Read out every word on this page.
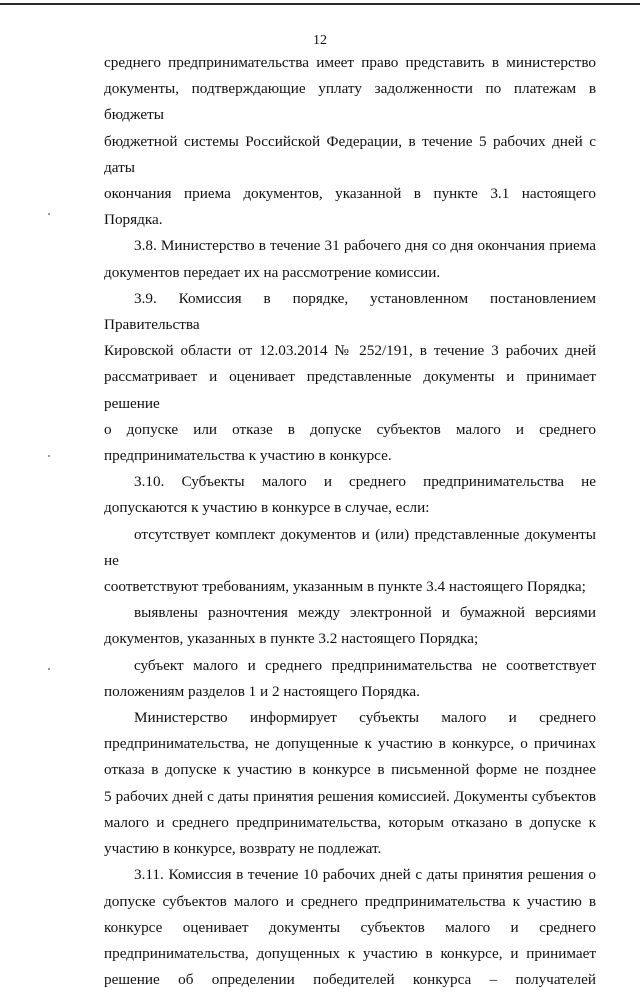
12

среднего предпринимательства имеет право представить в министерство

документы, подтверждающие уплату задолженности по платежам в бюджеты

бюджетной системы Российской Федерации, в течение 5 рабочих дней с даты

окончания приема документов, указанной в пункте 3.1 настоящего Порядка.

3.8. Министерство в течение 31 рабочего дня со дня окончания приема

документов передает их на рассмотрение комиссии.

3.9. Комиссия в порядке, установленном постановлением Правительства

Кировской области от 12.03.2014 № 252/191, в течение 3 рабочих дней

рассматривает и оценивает представленные документы и принимает решение

о допуске или отказе в допуске субъектов малого и среднего

предпринимательства к участию в конкурсе.

3.10. Субъекты малого и среднего предпринимательства не

допускаются к участию в конкурсе в случае, если:

отсутствует комплект документов и (или) представленные документы не

соответствуют требованиям, указанным в пункте 3.4 настоящего Порядка;

выявлены разночтения между электронной и бумажной версиями

документов, указанных в пункте 3.2 настоящего Порядка;

субъект малого и среднего предпринимательства не соответствует

положениям разделов 1 и 2 настоящего Порядка.

Министерство информирует субъекты малого и среднего

предпринимательства, не допущенные к участию в конкурсе, о причинах

отказа в допуске к участию в конкурсе в письменной форме не позднее

5 рабочих дней с даты принятия решения комиссией. Документы субъектов

малого и среднего предпринимательства, которым отказано в допуске к

участию в конкурсе, возврату не подлежат.

3.11. Комиссия в течение 10 рабочих дней с даты принятия решения о

допуске субъектов малого и среднего предпринимательства к участию в

конкурсе оценивает документы субъектов малого и среднего

предпринимательства, допущенных к участию в конкурсе, и принимает

решение об определении победителей конкурса – получателей
